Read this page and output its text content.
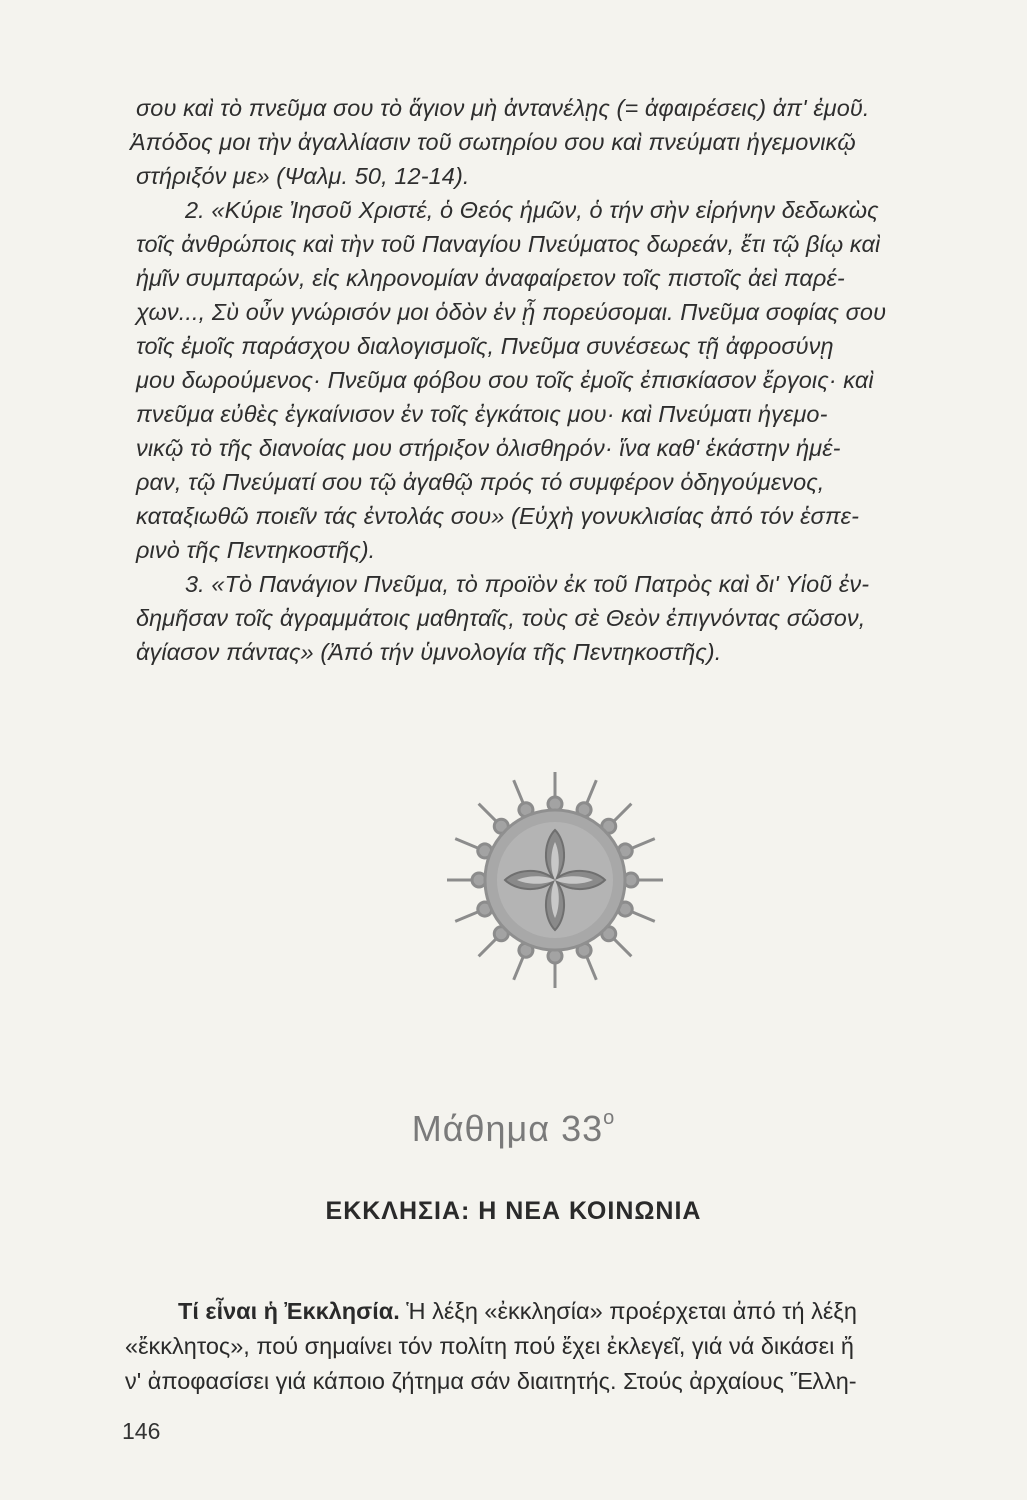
σου καὶ τὸ πνεῦμα σου τὸ ἅγιον μὴ ἀντανέλῃς (= ἀφαιρέσεις) ἀπ' ἐμοῦ.
Ἀπόδος μοι τὴν ἀγαλλίασιν τοῦ σωτηρίου σου καὶ πνεύματι ἡγεμονικῷ
στήριξόν με» (Ψαλμ. 50, 12-14).
2. «Κύριε Ἰησοῦ Χριστέ, ὁ Θεός ἡμῶν, ὁ τήν σὴν εἰρήνην δεδωκὼς
τοῖς ἀνθρώποις καὶ τὴν τοῦ Παναγίου Πνεύματος δωρεάν, ἔτι τῷ βίῳ καὶ
ἡμῖν συμπαρών, εἰς κληρονομίαν ἀναφαίρετον τοῖς πιστοῖς ἀεὶ παρέ-
χων..., Σὺ οὖν γνώρισόν μοι ὁδὸν ἐν ᾗ πορεύσομαι. Πνεῦμα σοφίας σου
τοῖς ἐμοῖς παράσχου διαλογισμοῖς, Πνεῦμα συνέσεως τῇ ἀφροσύνῃ
μου δωρούμενος· Πνεῦμα φόβου σου τοῖς ἐμοῖς ἐπισκίασον ἔργοις· καὶ
πνεῦμα εὐθὲς ἐγκαίνισον ἐν τοῖς ἐγκάτοις μου· καὶ Πνεύματι ἡγεμο-
νικῷ τὸ τῆς διανοίας μου στήριξον ὀλισθηρόν· ἵνα καθ' ἑκάστην ἡμέ-
ραν, τῷ Πνεύματί σου τῷ ἀγαθῷ πρός τό συμφέρον ὁδηγούμενος,
καταξιωθῶ ποιεῖν τάς ἐντολάς σου» (Εὐχὴ γονυκλισίας ἀπό τόν ἑσπε-
ρινὸ τῆς Πεντηκοστῆς).
3. «Τὸ Πανάγιον Πνεῦμα, τὸ προϊὸν ἐκ τοῦ Πατρὸς καὶ δι' Υἱοῦ ἐν-
δημῆσαν τοῖς ἀγραμμάτοις μαθηταῖς, τοὺς σὲ Θεὸν ἐπιγνόντας σῶσον,
ἁγίασον πάντας» (Ἀπό τήν ὑμνολογία τῆς Πεντηκοστῆς).
Μάθημα $33^o$
ΕΚΚΛΗΣΙΑ: Η ΝΕΑ ΚΟΙΝΩΝΙΑ
Τί εἶναι ἡ Ἐκκλησία. Ἡ λέξη «ἐκκλησία» προέρχεται ἀπό τή λέξη
«ἔκκλητος», πού σημαίνει τόν πολίτη πού ἔχει ἐκλεγεῖ, γιά νά δικάσει ἤ
ν' ἀποφασίσει γιά κάποιο ζήτημα σάν διαιτητής. Στούς ἀρχαίους Ἕλλη-
146
